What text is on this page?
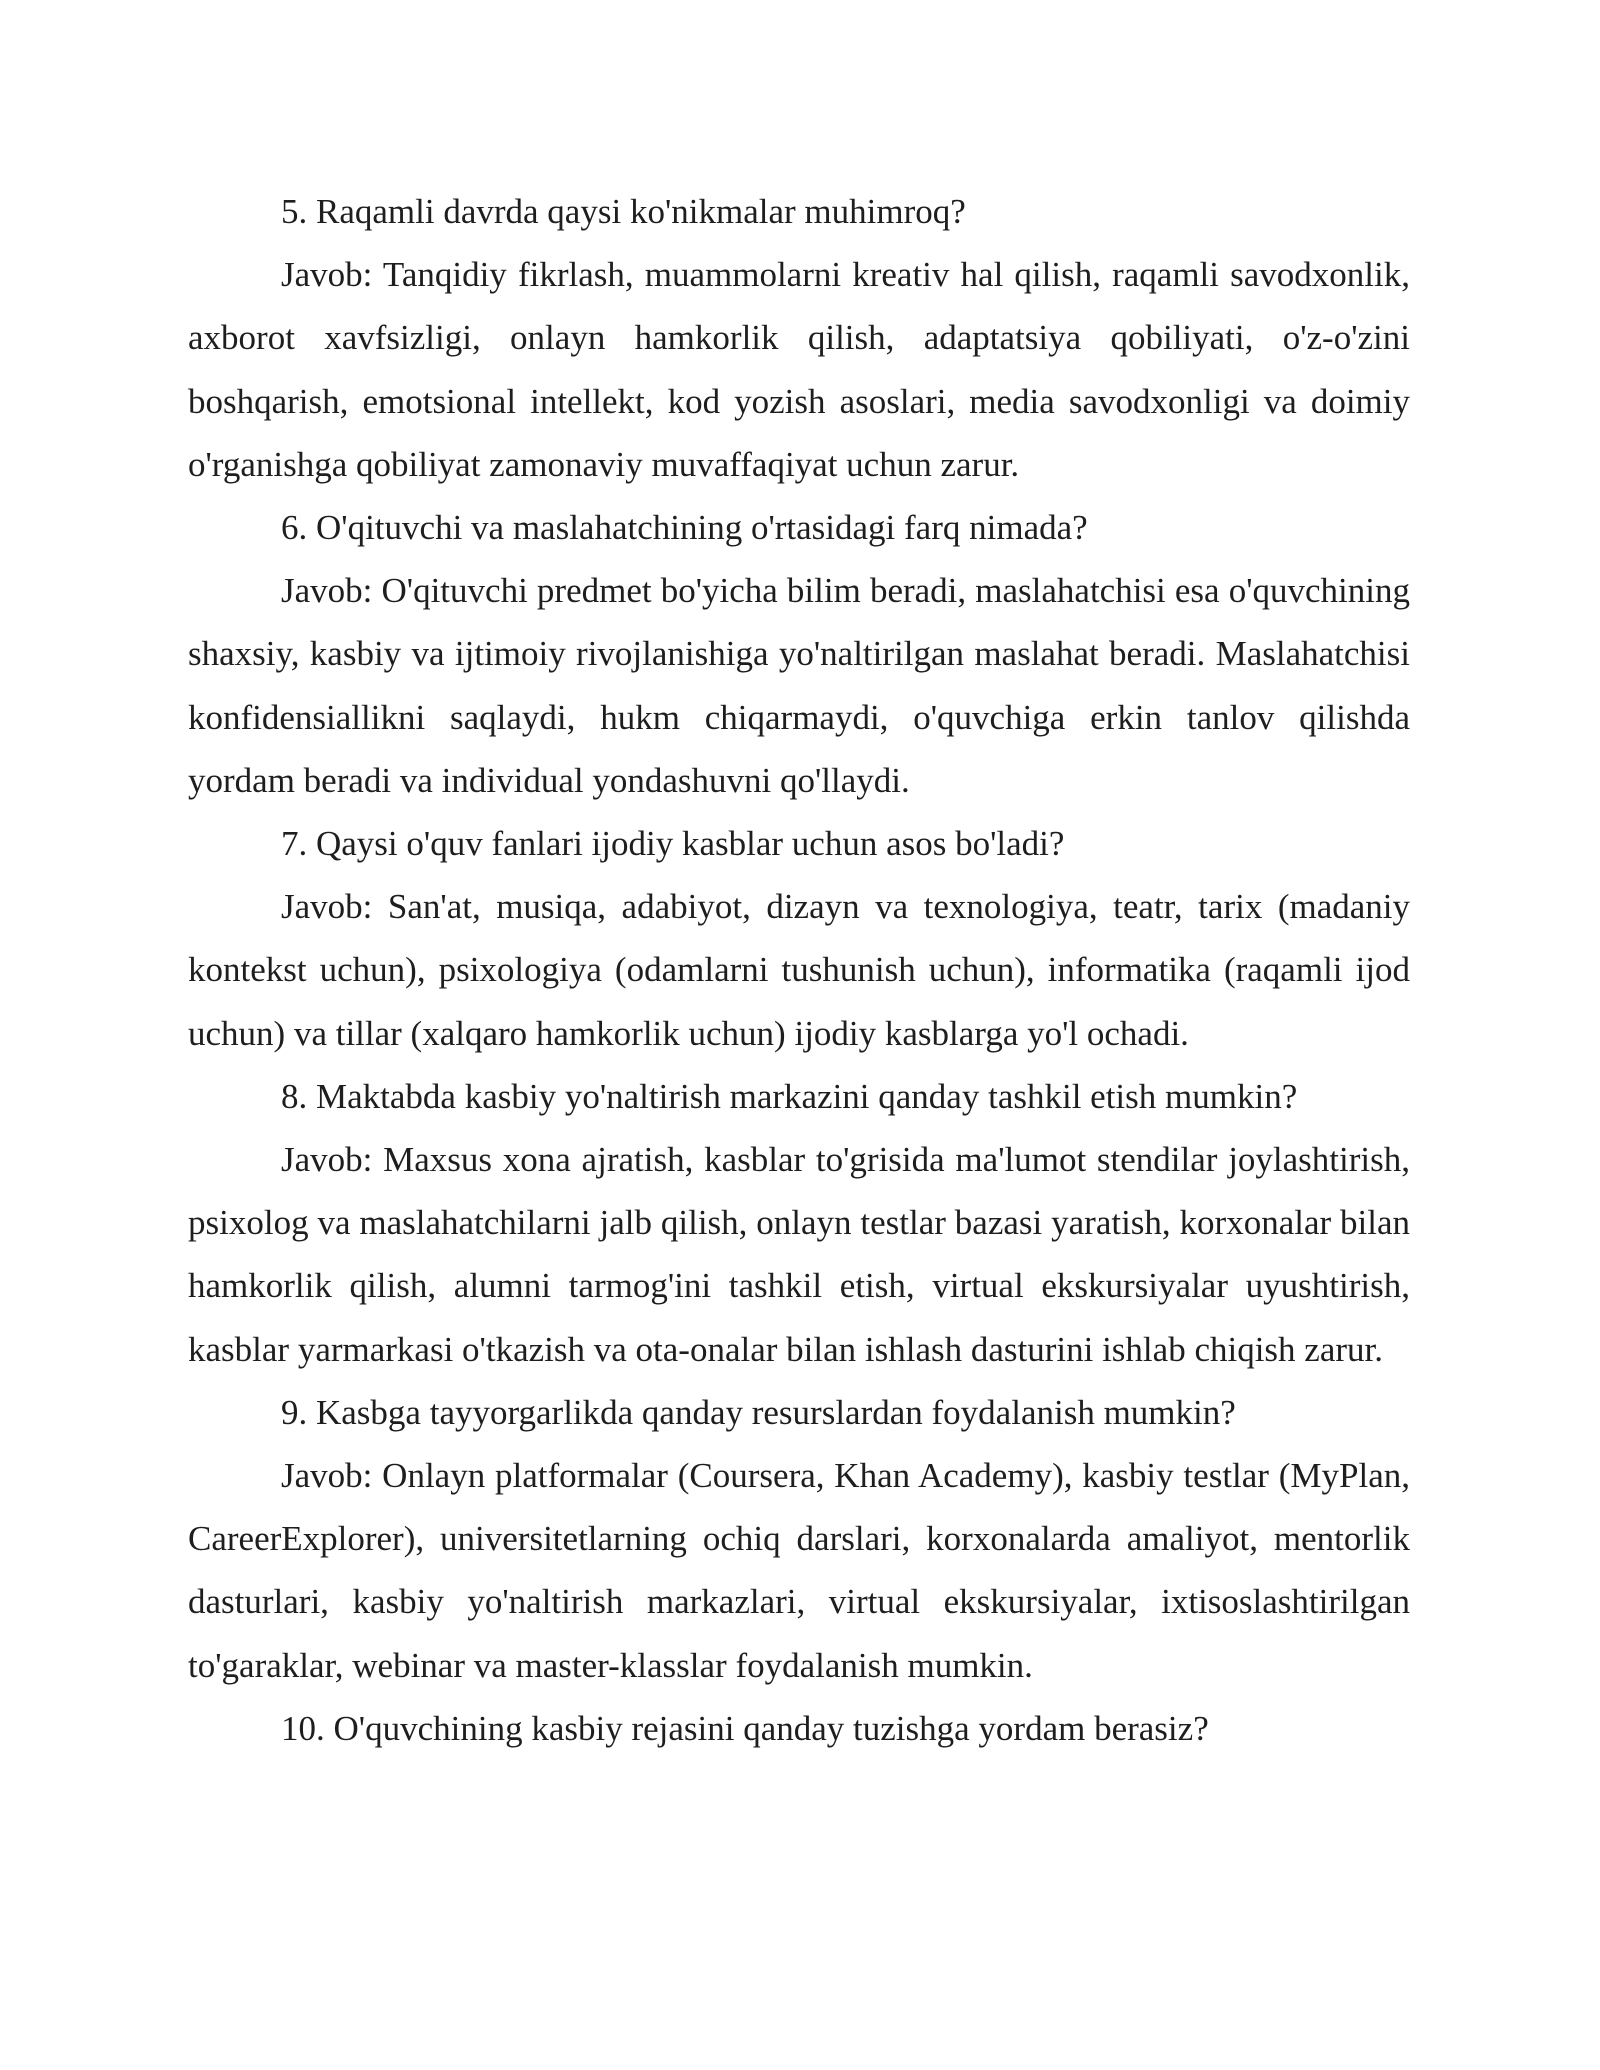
5. Raqamli davrda qaysi ko'nikmalar muhimroq?

Javob: Tanqidiy fikrlash, muammolarni kreativ hal qilish, raqamli savodxonlik, axborot xavfsizligi, onlayn hamkorlik qilish, adaptatsiya qobiliyati, o'z-o'zini boshqarish, emotsional intellekt, kod yozish asoslari, media savodxonligi va doimiy o'rganishga qobiliyat zamonaviy muvaffaqiyat uchun zarur.

6. O'qituvchi va maslahatchining o'rtasidagi farq nimada?

Javob: O'qituvchi predmet bo'yicha bilim beradi, maslahatchisi esa o'quvchining shaxsiy, kasbiy va ijtimoiy rivojlanishiga yo'naltirilgan maslahat beradi. Maslahatchisi konfidensiallikni saqlaydi, hukm chiqarmaydi, o'quvchiga erkin tanlov qilishda yordam beradi va individual yondashuvni qo'llaydi.

7. Qaysi o'quv fanlari ijodiy kasblar uchun asos bo'ladi?

Javob: San'at, musiqa, adabiyot, dizayn va texnologiya, teatr, tarix (madaniy kontekst uchun), psixologiya (odamlarni tushunish uchun), informatika (raqamli ijod uchun) va tillar (xalqaro hamkorlik uchun) ijodiy kasblarga yo'l ochadi.

8. Maktabda kasbiy yo'naltirish markazini qanday tashkil etish mumkin?

Javob: Maxsus xona ajratish, kasblar to'grisida ma'lumot stendilar joylashtirish, psixolog va maslahatchilarni jalb qilish, onlayn testlar bazasi yaratish, korxonalar bilan hamkorlik qilish, alumni tarmog'ini tashkil etish, virtual ekskursiyalar uyushtirish, kasblar yarmarkasi o'tkazish va ota-onalar bilan ishlash dasturini ishlab chiqish zarur.

9. Kasbga tayyorgarlikda qanday resurslardan foydalanish mumkin?

Javob: Onlayn platformalar (Coursera, Khan Academy), kasbiy testlar (MyPlan, CareerExplorer), universitetlarning ochiq darslari, korxonalarda amaliyot, mentorlik dasturlari, kasbiy yo'naltirish markazlari, virtual ekskursiyalar, ixtisoslashtirilgan to'garaklar, webinar va master-klasslar foydalanish mumkin.

10. O'quvchining kasbiy rejasini qanday tuzishga yordam berasiz?
